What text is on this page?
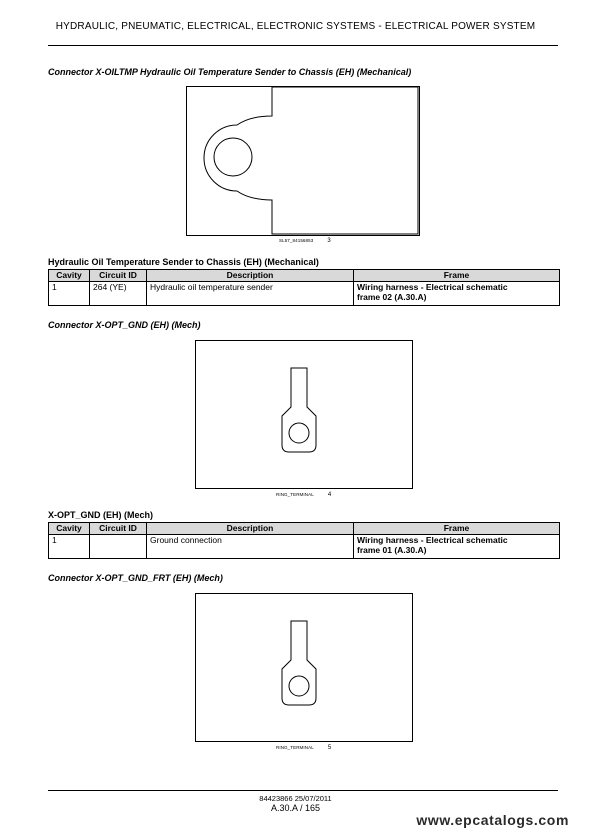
HYDRAULIC, PNEUMATIC, ELECTRICAL, ELECTRONIC SYSTEMS - ELECTRICAL POWER SYSTEM
Connector X-OILTMP Hydraulic Oil Temperature Sender to Chassis (EH) (Mechanical)
SL57_84156853 3
Hydraulic Oil Temperature Sender to Chassis (EH) (Mechanical)
Cavity	Circuit ID	Description	Frame
1	264 (YE)	Hydraulic oil temperature sender	Wiring harness - Electrical schematic
frame 02 (A.30.A)
Connector X-OPT_GND (EH) (Mech)
RING_TERMINAL 4
X-OPT_GND (EH) (Mech)
Cavity	Circuit ID	Description	Frame
1		Ground connection	Wiring harness - Electrical schematic
frame 01 (A.30.A)
Connector X-OPT_GND_FRT (EH) (Mech)
RING_TERMINAL 5
84423866 25/07/2011
A.30.A / 165
www.epcatalogs.com
